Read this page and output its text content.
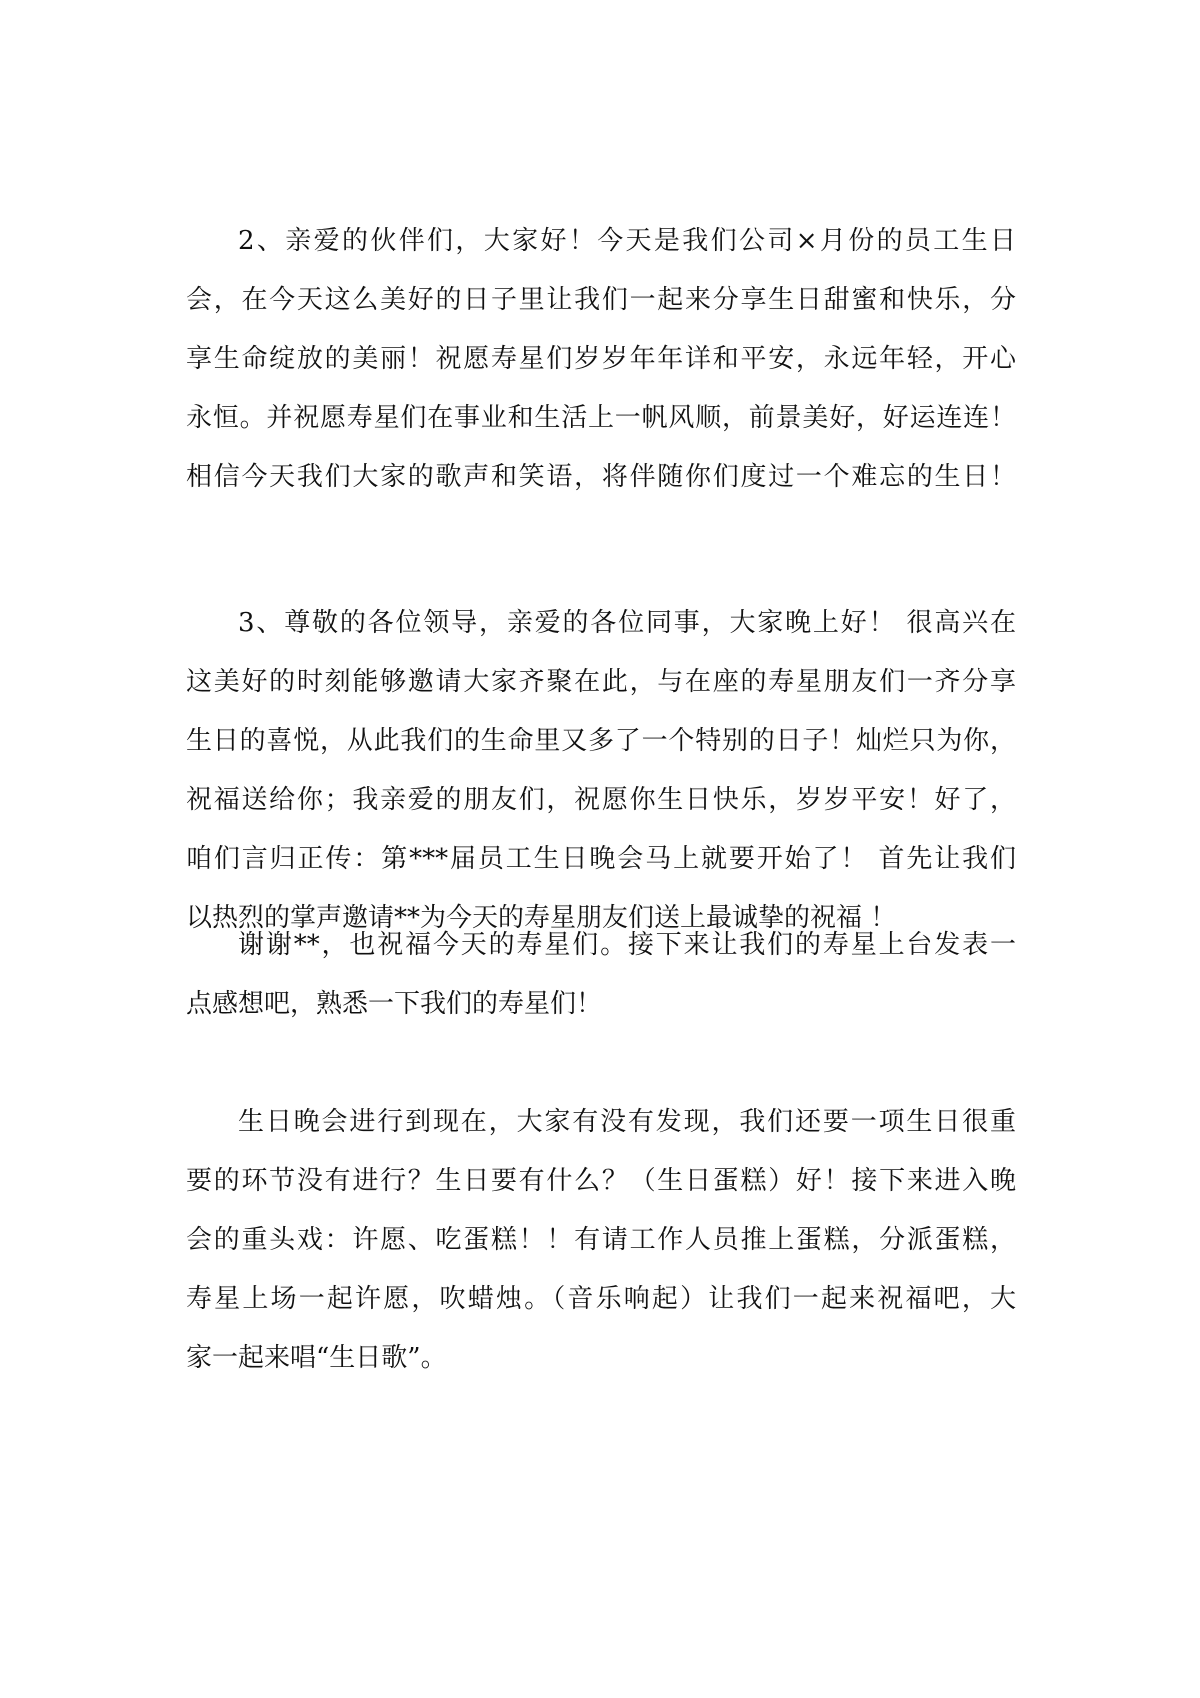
2、亲爱的伙伴们，大家好！今天是我们公司×月份的员工生日
会，在今天这么美好的日子里让我们一起来分享生日甜蜜和快乐，分
享生命绽放的美丽！祝愿寿星们岁岁年年详和平安，永远年轻，开心
永恒。并祝愿寿星们在事业和生活上一帆风顺，前景美好，好运连连！
相信今天我们大家的歌声和笑语，将伴随你们度过一个难忘的生日！

3、尊敬的各位领导，亲爱的各位同事，大家晚上好！ 很高兴在
这美好的时刻能够邀请大家齐聚在此，与在座的寿星朋友们一齐分享
生日的喜悦，从此我们的生命里又多了一个特别的日子！灿烂只为你，
祝福送给你；我亲爱的朋友们，祝愿你生日快乐，岁岁平安！好了，
咱们言归正传：第***届员工生日晚会马上就要开始了！ 首先让我们
以热烈的掌声邀请**为今天的寿星朋友们送上最诚挚的祝福 ！

谢谢**，也祝福今天的寿星们。接下来让我们的寿星上台发表一
点感想吧，熟悉一下我们的寿星们！

生日晚会进行到现在，大家有没有发现，我们还要一项生日很重
要的环节没有进行？生日要有什么？（生日蛋糕）好！接下来进入晚
会的重头戏：许愿、吃蛋糕！！有请工作人员推上蛋糕，分派蛋糕，
寿星上场一起许愿，吹蜡烛。（音乐响起）让我们一起来祝福吧，大
家一起来唱“生日歌”。
